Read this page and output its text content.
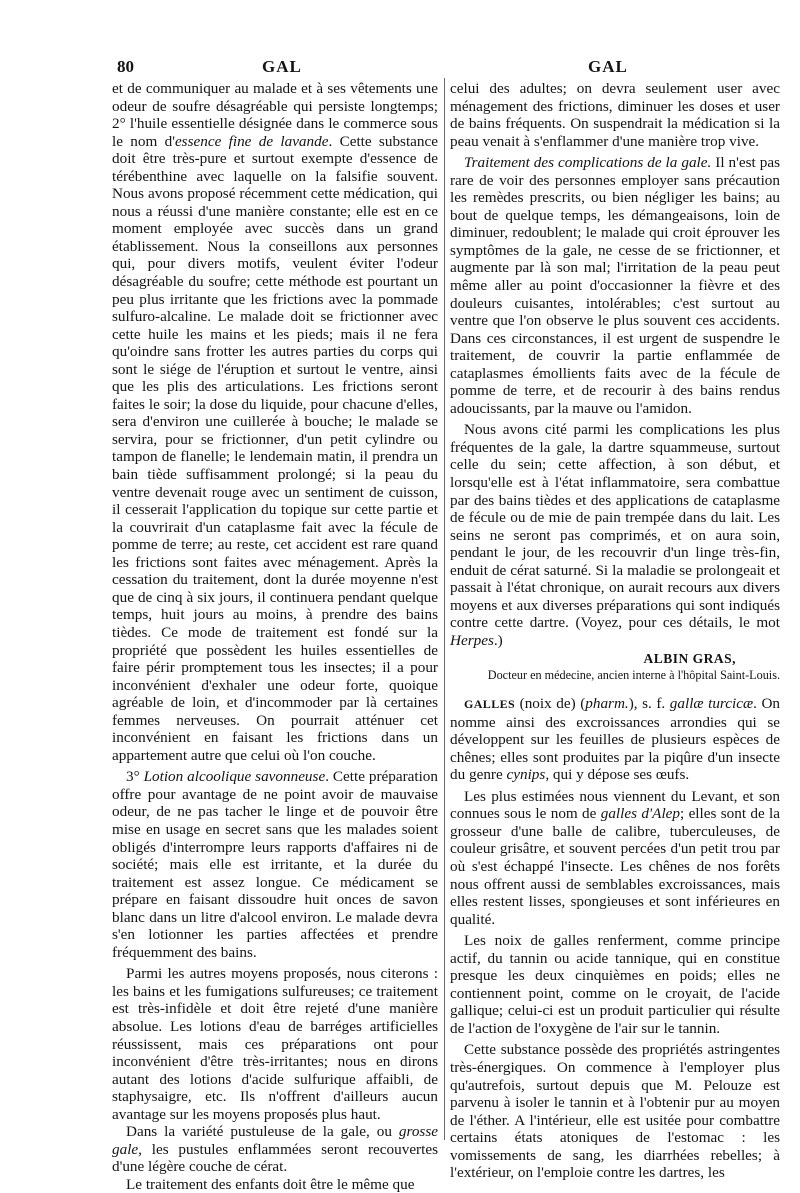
80	GAL	GAL

et de communiquer au malade et à ses vêtements une odeur de soufre désagréable qui persiste longtemps; 2° l'huile essentielle désignée dans le commerce sous le nom d'essence fine de lavande. Cette substance doit être très-pure et surtout exempte d'essence de térébenthine avec laquelle on la falsifie souvent. Nous avons proposé récemment cette médication, qui nous a réussi d'une manière constante; elle est en ce moment employée avec succès dans un grand établissement. Nous la conseillons aux personnes qui, pour divers motifs, veulent éviter l'odeur désagréable du soufre; cette méthode est pourtant un peu plus irritante que les frictions avec la pommade sulfuro-alcaline. Le malade doit se frictionner avec cette huile les mains et les pieds; mais il ne fera qu'oindre sans frotter les autres parties du corps qui sont le siége de l'éruption et surtout le ventre, ainsi que les plis des articulations. Les frictions seront faites le soir; la dose du liquide, pour chacune d'elles, sera d'environ une cuillerée à bouche; le malade se servira, pour se frictionner, d'un petit cylindre ou tampon de flanelle; le lendemain matin, il prendra un bain tiède suffisamment prolongé; si la peau du ventre devenait rouge avec un sentiment de cuisson, il cesserait l'application du topique sur cette partie et la couvrirait d'un cataplasme fait avec la fécule de pomme de terre; au reste, cet accident est rare quand les frictions sont faites avec ménagement. Après la cessation du traitement, dont la durée moyenne n'est que de cinq à six jours, il continuera pendant quelque temps, huit jours au moins, à prendre des bains tièdes. Ce mode de traitement est fondé sur la propriété que possèdent les huiles essentielles de faire périr promptement tous les insectes; il a pour inconvénient d'exhaler une odeur forte, quoique agréable de loin, et d'incommoder par là certaines femmes nerveuses. On pourrait atténuer cet inconvénient en faisant les frictions dans un appartement autre que celui où l'on couche.

3° Lotion alcoolique savonneuse. Cette préparation offre pour avantage de ne point avoir de mauvaise odeur, de ne pas tacher le linge et de pouvoir être mise en usage en secret sans que les malades soient obligés d'interrompre leurs rapports d'affaires ni de société; mais elle est irritante, et la durée du traitement est assez longue. Ce médicament se prépare en faisant dissoudre huit onces de savon blanc dans un litre d'alcool environ. Le malade devra s'en lotionner les parties affectées et prendre fréquemment des bains.

Parmi les autres moyens proposés, nous citerons : les bains et les fumigations sulfureuses; ce traitement est très-infidèle et doit être rejeté d'une manière absolue. Les lotions d'eau de barréges artificielles réussissent, mais ces préparations ont pour inconvénient d'être très-irritantes; nous en dirons autant des lotions d'acide sulfurique affaibli, de staphysaigre, etc. Ils n'offrent d'ailleurs aucun avantage sur les moyens proposés plus haut.

Dans la variété pustuleuse de la gale, ou grosse gale, les pustules enflammées seront recouvertes d'une légère couche de cérat.

Le traitement des enfants doit être le même que

celui des adultes; on devra seulement user avec ménagement des frictions, diminuer les doses et user de bains fréquents. On suspendrait la médication si la peau venait à s'enflammer d'une manière trop vive.

Traitement des complications de la gale. Il n'est pas rare de voir des personnes employer sans précaution les remèdes prescrits, ou bien négliger les bains; au bout de quelque temps, les démangeaisons, loin de diminuer, redoublent; le malade qui croit éprouver les symptômes de la gale, ne cesse de se frictionner, et augmente par là son mal; l'irritation de la peau peut même aller au point d'occasionner la fièvre et des douleurs cuisantes, intolérables; c'est surtout au ventre que l'on observe le plus souvent ces accidents. Dans ces circonstances, il est urgent de suspendre le traitement, de couvrir la partie enflammée de cataplasmes émollients faits avec de la fécule de pomme de terre, et de recourir à des bains rendus adoucissants, par la mauve ou l'amidon.

Nous avons cité parmi les complications les plus fréquentes de la gale, la dartre squammeuse, surtout celle du sein; cette affection, à son début, et lorsqu'elle est à l'état inflammatoire, sera combattue par des bains tièdes et des applications de cataplasme de fécule ou de mie de pain trempée dans du lait. Les seins ne seront pas comprimés, et on aura soin, pendant le jour, de les recouvrir d'un linge très-fin, enduit de cérat saturné. Si la maladie se prolongeait et passait à l'état chronique, on aurait recours aux divers moyens et aux diverses préparations qui sont indiqués contre cette dartre. (Voyez, pour ces détails, le mot Herpes.)

ALBIN GRAS,

Docteur en médecine, ancien interne à l'hôpital Saint-Louis.

GALLES (noix de) (pharm.), s. f. gallæ turcicæ. On nomme ainsi des excroissances arrondies qui se développent sur les feuilles de plusieurs espèces de chênes; elles sont produites par la piqûre d'un insecte du genre cynips, qui y dépose ses œufs.

Les plus estimées nous viennent du Levant, et son connues sous le nom de galles d'Alep; elles sont de la grosseur d'une balle de calibre, tuberculeuses, de couleur grisâtre, et souvent percées d'un petit trou par où s'est échappé l'insecte. Les chênes de nos forêts nous offrent aussi de semblables excroissances, mais elles restent lisses, spongieuses et sont inférieures en qualité.

Les noix de galles renferment, comme principe actif, du tannin ou acide tannique, qui en constitue presque les deux cinquièmes en poids; elles ne contiennent point, comme on le croyait, de l'acide gallique; celui-ci est un produit particulier qui résulte de l'action de l'oxygène de l'air sur le tannin.

Cette substance possède des propriétés astringentes très-énergiques. On commence à l'employer plus qu'autrefois, surtout depuis que M. Pelouze est parvenu à isoler le tannin et à l'obtenir pur au moyen de l'éther. A l'intérieur, elle est usitée pour combattre certains états atoniques de l'estomac : les vomissements de sang, les diarrhées rebelles; à l'extérieur, on l'emploie contre les dartres, les
